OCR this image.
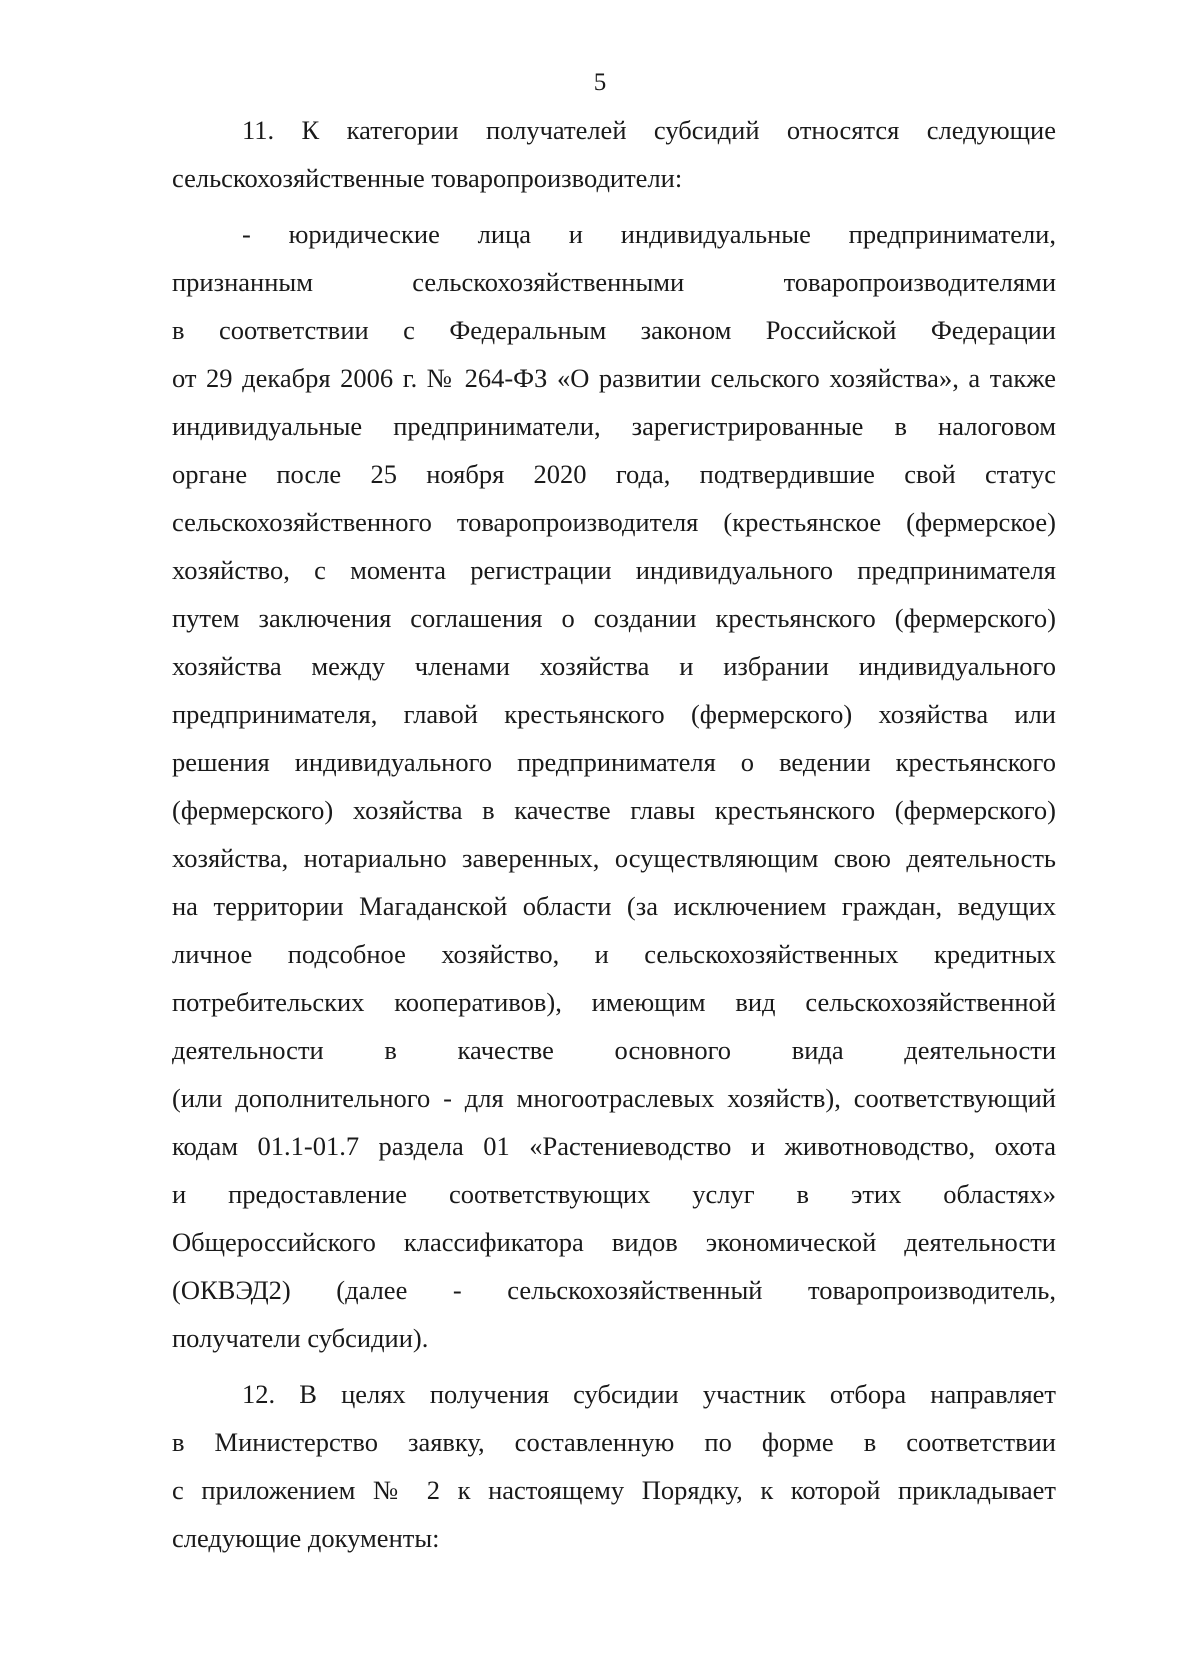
5

11. К категории получателей субсидий относятся следующие
сельскохозяйственные товаропроизводители:

- юридические лица и индивидуальные предприниматели,
признанным сельскохозяйственными товаропроизводителями
в соответствии с Федеральным законом Российской Федерации
от 29 декабря 2006 г. № 264-ФЗ «О развитии сельского хозяйства», а также
индивидуальные предприниматели, зарегистрированные в налоговом
органе после 25 ноября 2020 года, подтвердившие свой статус
сельскохозяйственного товаропроизводителя (крестьянское (фермерское)
хозяйство, с момента регистрации индивидуального предпринимателя
путем заключения соглашения о создании крестьянского (фермерского)
хозяйства между членами хозяйства и избрании индивидуального
предпринимателя, главой крестьянского (фермерского) хозяйства или
решения индивидуального предпринимателя о ведении крестьянского
(фермерского) хозяйства в качестве главы крестьянского (фермерского)
хозяйства, нотариально заверенных, осуществляющим свою деятельность
на территории Магаданской области (за исключением граждан, ведущих
личное подсобное хозяйство, и сельскохозяйственных кредитных
потребительских кооперативов), имеющим вид сельскохозяйственной
деятельности в качестве основного вида деятельности
(или дополнительного - для многоотраслевых хозяйств), соответствующий
кодам 01.1-01.7 раздела 01 «Растениеводство и животноводство, охота
и предоставление соответствующих услуг в этих областях»
Общероссийского классификатора видов экономической деятельности
(ОКВЭД2) (далее - сельскохозяйственный товаропроизводитель,
получатели субсидии).

12. В целях получения субсидии участник отбора направляет
в Министерство заявку, составленную по форме в соответствии
с приложением № 2 к настоящему Порядку, к которой прикладывает
следующие документы:
